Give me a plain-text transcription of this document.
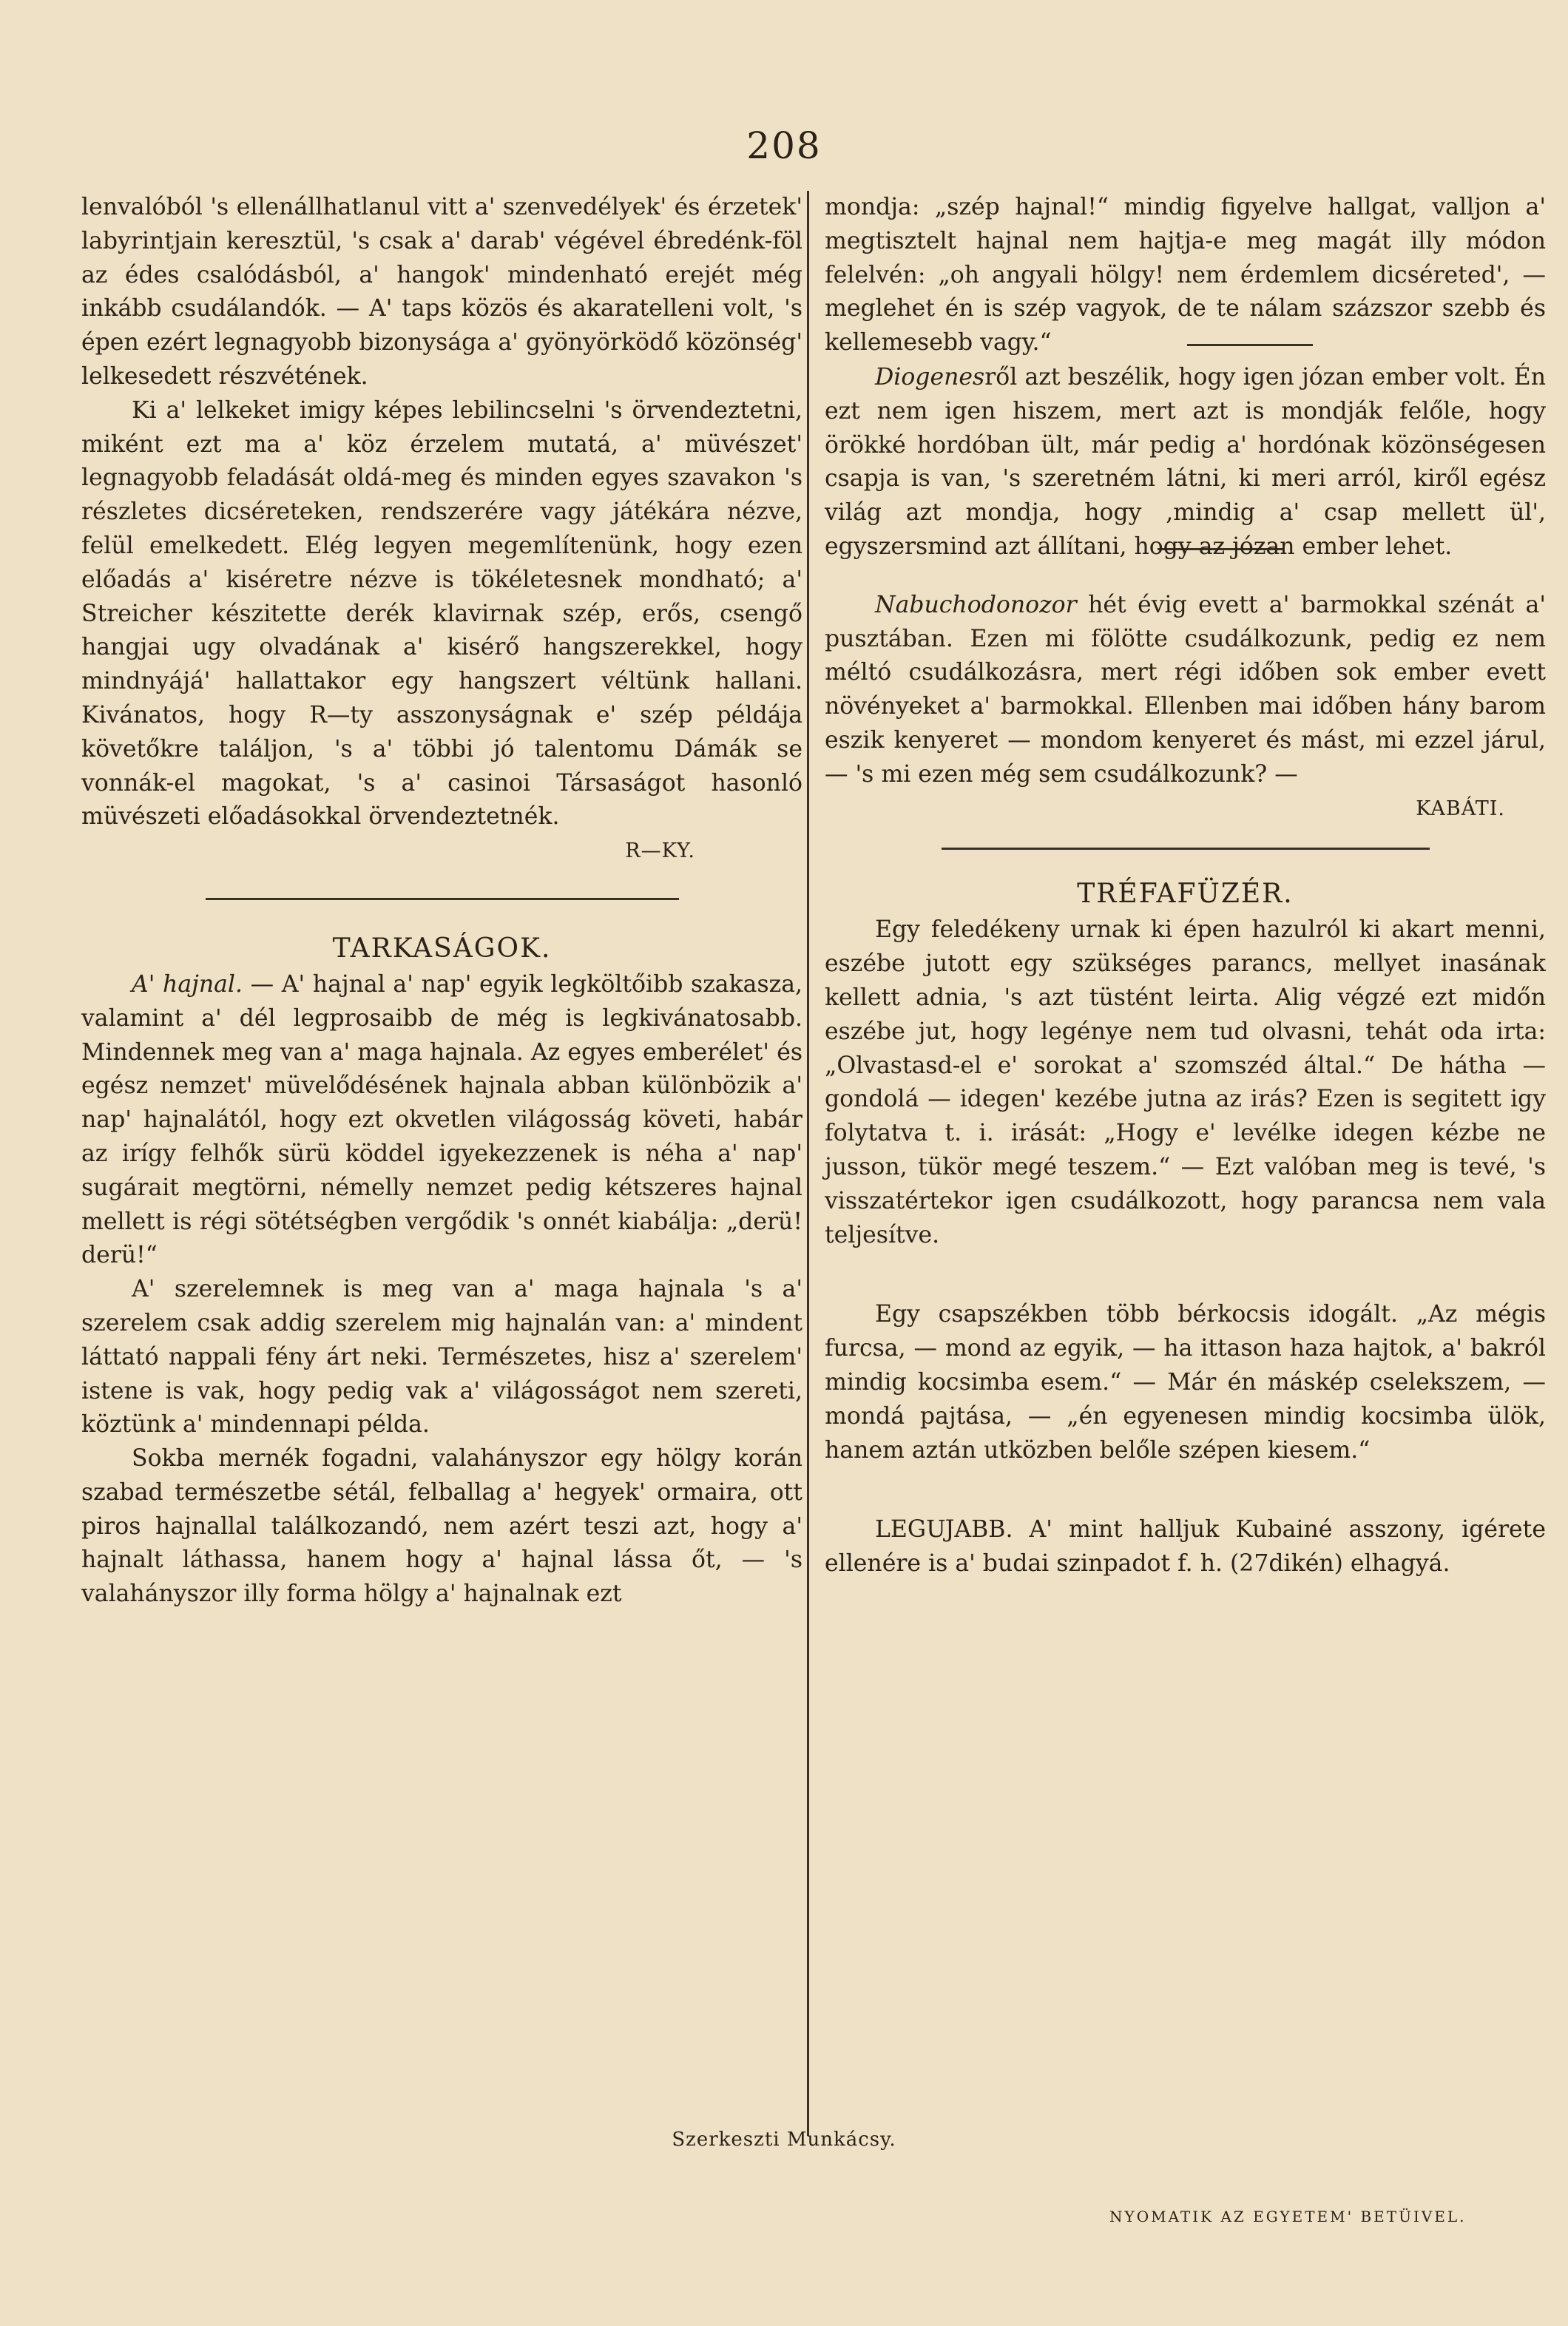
208

lenvalóból 's ellenállhatlanul vitt a' szenvedélyek' és érzetek' labyrintjain keresztül, 's csak a' darab' végével ébredénk-föl az édes csalódásból, a' hangok' mindenható erejét még inkább csudálandók. — A' taps közös és akaratelleni volt, 's épen ezért legnagyobb bizonysága a' gyönyörködő közönség' lelkesedett részvétének.

Ki a' lelkeket imigy képes lebilincselni 's örvendeztetni, miként ezt ma a' köz érzelem mutatá, a' müvészet' legnagyobb feladását oldá-meg és minden egyes szavakon 's részletes dicséreteken, rendszerére vagy játékára nézve, felül emelkedett. Elég legyen megemlítenünk, hogy ezen előadás a' kiséretre nézve is tökéletesnek mondható; a' Streicher készitette derék klavirnak szép, erős, csengő hangjai ugy olvadának a' kisérő hangszerekkel, hogy mindnyájá' hallattakor egy hangszert véltünk hallani. Kivánatos, hogy R—ty asszonyságnak e' szép példája követőkre találjon, 's a' többi jó talentomu Dámák se vonnák-el magokat, 's a' casinoi Társaságot hasonló müvészeti előadásokkal örvendeztetnék.

R—KY.

TARKASÁGOK.

A' hajnal. — A' hajnal a' nap' egyik legköltőibb szakasza, valamint a' dél legprosaibb de még is legkivánatosabb. Mindennek meg van a' maga hajnala. Az egyes emberélet' és egész nemzet' müvelődésének hajnala abban különbözik a' nap' hajnalától, hogy ezt okvetlen világosság követi, habár az irígy felhők sürü köddel igyekezzenek is néha a' nap' sugárait megtörni, némelly nemzet pedig kétszeres hajnal mellett is régi sötétségben vergődik 's onnét kiabálja: „derü! derü!“

A' szerelemnek is meg van a' maga hajnala 's a' szerelem csak addig szerelem mig hajnalán van: a' mindent láttató nappali fény árt neki. Természetes, hisz a' szerelem' istene is vak, hogy pedig vak a' világosságot nem szereti, köztünk a' mindennapi példa.

Sokba mernék fogadni, valahányszor egy hölgy korán szabad természetbe sétál, felballag a' hegyek' ormaira, ott piros hajnallal találkozandó, nem azért teszi azt, hogy a' hajnalt láthassa, hanem hogy a' hajnal lássa őt, — 's valahányszor illy forma hölgy a' hajnalnak ezt

mondja: „szép hajnal!“ mindig figyelve hallgat, valljon a' megtisztelt hajnal nem hajtja-e meg magát illy módon felelvén: „oh angyali hölgy! nem érdemlem dicséreted', — meglehet én is szép vagyok, de te nálam százszor szebb és kellemesebb vagy.“

Diogenesről azt beszélik, hogy igen józan ember volt. Én ezt nem igen hiszem, mert azt is mondják felőle, hogy örökké hordóban ült, már pedig a' hordónak közönségesen csapja is van, 's szeretném látni, ki meri arról, kiről egész világ azt mondja, hogy ,mindig a' csap mellett ül', egyszersmind azt állítani, hogy az józan ember lehet.

Nabuchodonozor hét évig evett a' barmokkal szénát a' pusztában. Ezen mi fölötte csudálkozunk, pedig ez nem méltó csudálkozásra, mert régi időben sok ember evett növényeket a' barmokkal. Ellenben mai időben hány barom eszik kenyeret — mondom kenyeret és mást, mi ezzel járul, — 's mi ezen még sem csudálkozunk? —

KABÁTI.

TRÉFAFÜZÉR.

Egy feledékeny urnak ki épen hazulról ki akart menni, eszébe jutott egy szükséges parancs, mellyet inasának kellett adnia, 's azt tüstént leirta. Alig végzé ezt midőn eszébe jut, hogy legénye nem tud olvasni, tehát oda irta: „Olvastasd-el e' sorokat a' szomszéd által.“ De hátha — gondolá — idegen' kezébe jutna az irás? Ezen is segitett igy folytatva t. i. irását: „Hogy e' levélke idegen kézbe ne jusson, tükör megé teszem.“ — Ezt valóban meg is tevé, 's visszatértekor igen csudálkozott, hogy parancsa nem vala teljesítve.

Egy csapszékben több bérkocsis idogált. „Az mégis furcsa, — mond az egyik, — ha ittason haza hajtok, a' bakról mindig kocsimba esem.“ — Már én máskép cselekszem, — mondá pajtása, — „én egyenesen mindig kocsimba ülök, hanem aztán utközben belőle szépen kiesem.“

LEGUJABB. A' mint halljuk Kubainé asszony, igérete ellenére is a' budai szinpadot f. h. (27dikén) elhagyá.

Szerkeszti Munkácsy.
NYOMATIK AZ EGYETEM' BETÜIVEL.
